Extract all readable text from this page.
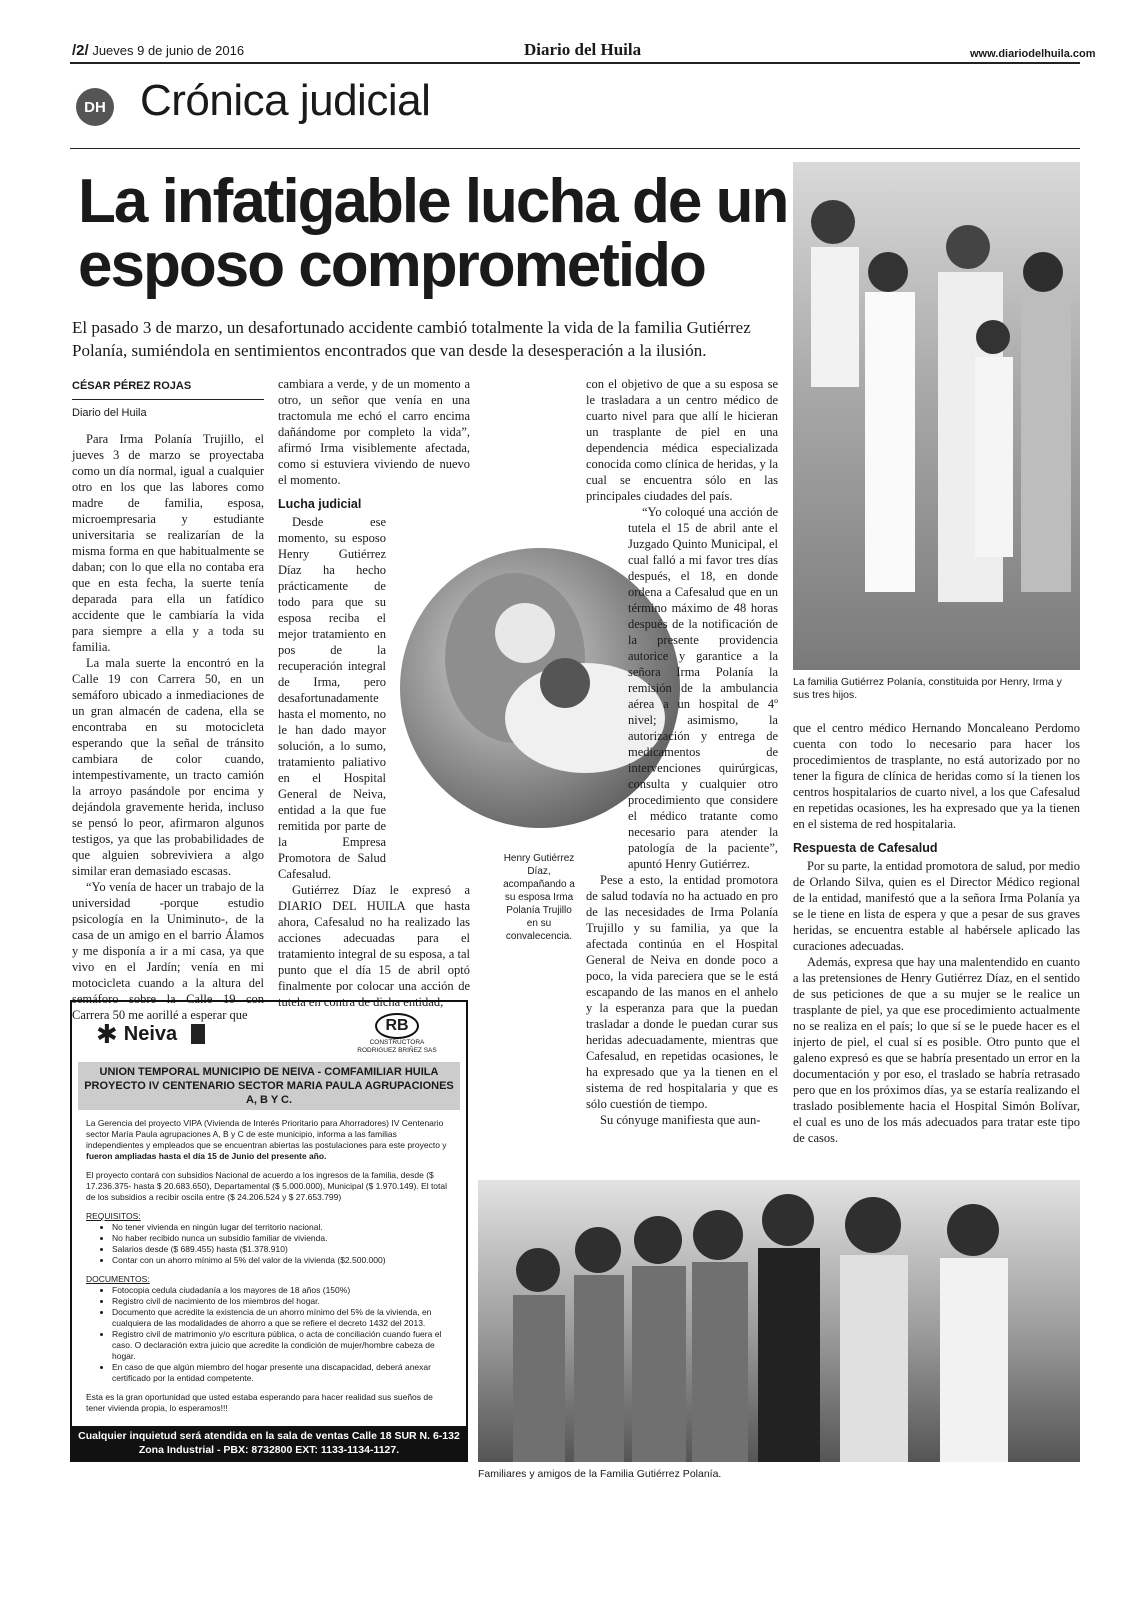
/2/ Jueves 9 de junio de 2016	Diario del Huila	www.diariodelhuila.com
DH Crónica judicial
La infatigable lucha de un esposo comprometido
El pasado 3 de marzo, un desafortunado accidente cambió totalmente la vida de la familia Gutiérrez Polanía, sumiéndola en sentimientos encontrados que van desde la desesperación a la ilusión.
La familia Gutiérrez Polanía, constituida por Henry, Irma y sus tres hijos.
CÉSAR PÉREZ ROJAS
Diario del Huila

Para Irma Polanía Trujillo, el jueves 3 de marzo se proyectaba como un día normal, igual a cualquier otro en los que las labores como madre de familia, esposa, microempresaria y estudiante universitaria se realizarían de la misma forma en que habitualmente se daban; con lo que ella no contaba era que en esta fecha, la suerte tenía deparada para ella un fatídico accidente que le cambiaría la vida para siempre a ella y a toda su familia.

La mala suerte la encontró en la Calle 19 con Carrera 50, en un semáforo ubicado a inmediaciones de un gran almacén de cadena, ella se encontraba en su motocicleta esperando que la señal de tránsito cambiara de color cuando, intempestivamente, un tracto camión la arroyo pasándole por encima y dejándola gravemente herida, incluso se pensó lo peor, afirmaron algunos testigos, ya que las probabilidades de que alguien sobreviviera a algo similar eran demasiado escasas.

“Yo venía de hacer un trabajo de la universidad -porque estudio psicología en la Uniminuto-, de la casa de un amigo en el barrio Álamos y me disponía a ir a mi casa, ya que vivo en el Jardín; venía en mi motocicleta cuando a la altura del semáforo sobre la Calle 19 con Carrera 50 me aorillé a esperar que

cambiara a verde, y de un momento a otro, un señor que venía en una tractomula me echó el carro encima dañándome por completo la vida”, afirmó Irma visiblemente afectada, como si estuviera viviendo de nuevo el momento.

Lucha judicial

Desde ese momento, su esposo Henry Gutiérrez Díaz ha hecho prácticamente de todo para que su esposa reciba el mejor tratamiento en pos de la recuperación integral de Irma, pero desafortunadamente hasta el momento, no le han dado mayor solución, a lo sumo, tratamiento paliativo en el Hospital General de Neiva, entidad a la que fue remitida por parte de la Empresa Promotora de Salud Cafesalud.

Gutiérrez Díaz le expresó a DIARIO DEL HUILA que hasta ahora, Cafesalud no ha realizado las acciones adecuadas para el tratamiento integral de su esposa, a tal punto que el día 15 de abril optó finalmente por colocar una acción de tutela en contra de dicha entidad,

Henry Gutiérrez Díaz, acompañando a su esposa Irma Polanía Trujillo en su convalecencia.

con el objetivo de que a su esposa se le trasladara a un centro médico de cuarto nivel para que allí le hicieran un trasplante de piel en una dependencia médica especializada conocida como clínica de heridas, y la cual se encuentra sólo en las principales ciudades del país.

“Yo coloqué una acción de tutela el 15 de abril ante el Juzgado Quinto Municipal, el cual falló a mi favor tres días después, el 18, en donde ordena a Cafesalud que en un término máximo de 48 horas después de la notificación de la presente providencia autorice y garantice a la señora Irma Polanía la remisión de la ambulancia aérea a un hospital de 4º nivel; asimismo, la autorización y entrega de medicamentos de intervenciones quirúrgicas, consulta y cualquier otro procedimiento que considere el médico tratante como necesario para atender la patología de la paciente”, apuntó Henry Gutiérrez.

Pese a esto, la entidad promotora de salud todavía no ha actuado en pro de las necesidades de Irma Polanía Trujillo y su familia, ya que la afectada continúa en el Hospital General de Neiva en donde poco a poco, la vida pareciera que se le está escapando de las manos en el anhelo y la esperanza para que la puedan trasladar a donde le puedan curar sus heridas adecuadamente, mientras que Cafesalud, en repetidas ocasiones, le ha expresado que ya la tienen en el sistema de red hospitalaria y que es sólo cuestión de tiempo.

Su cónyuge manifiesta que aun-

que el centro médico Hernando Moncaleano Perdomo cuenta con todo lo necesario para hacer los procedimientos de trasplante, no está autorizado por no tener la figura de clínica de heridas como sí la tienen los centros hospitalarios de cuarto nivel, a los que Cafesalud en repetidas ocasiones, les ha expresado que ya la tienen en el sistema de red hospitalaria.

Respuesta de Cafesalud

Por su parte, la entidad promotora de salud, por medio de Orlando Silva, quien es el Director Médico regional de la entidad, manifestó que a la señora Irma Polanía ya se le tiene en lista de espera y que a pesar de sus graves heridas, se encuentra estable al habérsele aplicado las curaciones adecuadas.

Además, expresa que hay una malentendido en cuanto a las pretensiones de Henry Gutiérrez Díaz, en el sentido de sus peticiones de que a su mujer se le realice un trasplante de piel, ya que ese procedimiento actualmente no se realiza en el país; lo que sí se le puede hacer es el injerto de piel, el cual sí es posible. Otro punto que el galeno expresó es que se habría presentado un error en la documentación y por eso, el traslado se habría retrasado pero que en los próximos días, ya se estaría realizando el traslado posiblemente hacia el Hospital Simón Bolívar, el cual es uno de los más adecuados para tratar este tipo de casos.

Familiares y amigos de la Familia Gutiérrez Polanía.
✱ Neiva	RB
CONSTRUCTORA RODRIGUEZ BRIÑEZ SAS
UNION TEMPORAL MUNICIPIO DE NEIVA - COMFAMILIAR HUILA PROYECTO IV CENTENARIO SECTOR MARIA PAULA AGRUPACIONES A, B Y C.
La Gerencia del proyecto VIPA (Vivienda de Interés Prioritario para Ahorradores) IV Centenario sector María Paula agrupaciones A, B y C de este municipio, informa a las familias independientes y empleados que se encuentran abiertas las postulaciones para este proyecto y fueron ampliadas hasta el día 15 de Junio del presente año.
El proyecto contará con subsidios Nacional de acuerdo a los ingresos de la familia, desde ($ 17.236.375- hasta $ 20.683.650), Departamental ($ 5.000.000), Municipal ($ 1.970.149). El total de los subsidios a recibir oscila entre ($ 24.206.524 y $ 27.653.799)
REQUISITOS:
• No tener vivienda en ningún lugar del territorio nacional.
• No haber recibido nunca un subsidio familiar de vivienda.
• Salarios desde ($ 689.455) hasta ($1.378.910)
• Contar con un ahorro mínimo al 5% del valor de la vivienda ($2.500.000)
DOCUMENTOS:
• Fotocopia cedula ciudadanía a los mayores de 18 años (150%)
• Registro civil de nacimiento de los miembros del hogar.
• Documento que acredite la existencia de un ahorro mínimo del 5% de la vivienda, en cualquiera de las modalidades de ahorro a que se refiere el decreto 1432 del 2013.
• Registro civil de matrimonio y/o escritura pública, o acta de conciliación cuando fuera el caso. O declaración extra juicio que acredite la condición de mujer/hombre cabeza de hogar.
• En caso de que algún miembro del hogar presente una discapacidad, deberá anexar certificado por la entidad competente.
Esta es la gran oportunidad que usted estaba esperando para hacer realidad sus sueños de tener vivienda propia, lo esperamos!!!
Cualquier inquietud será atendida en la sala de ventas Calle 18 SUR N. 6-132 Zona Industrial - PBX: 8732800 EXT: 1133-1134-1127.
